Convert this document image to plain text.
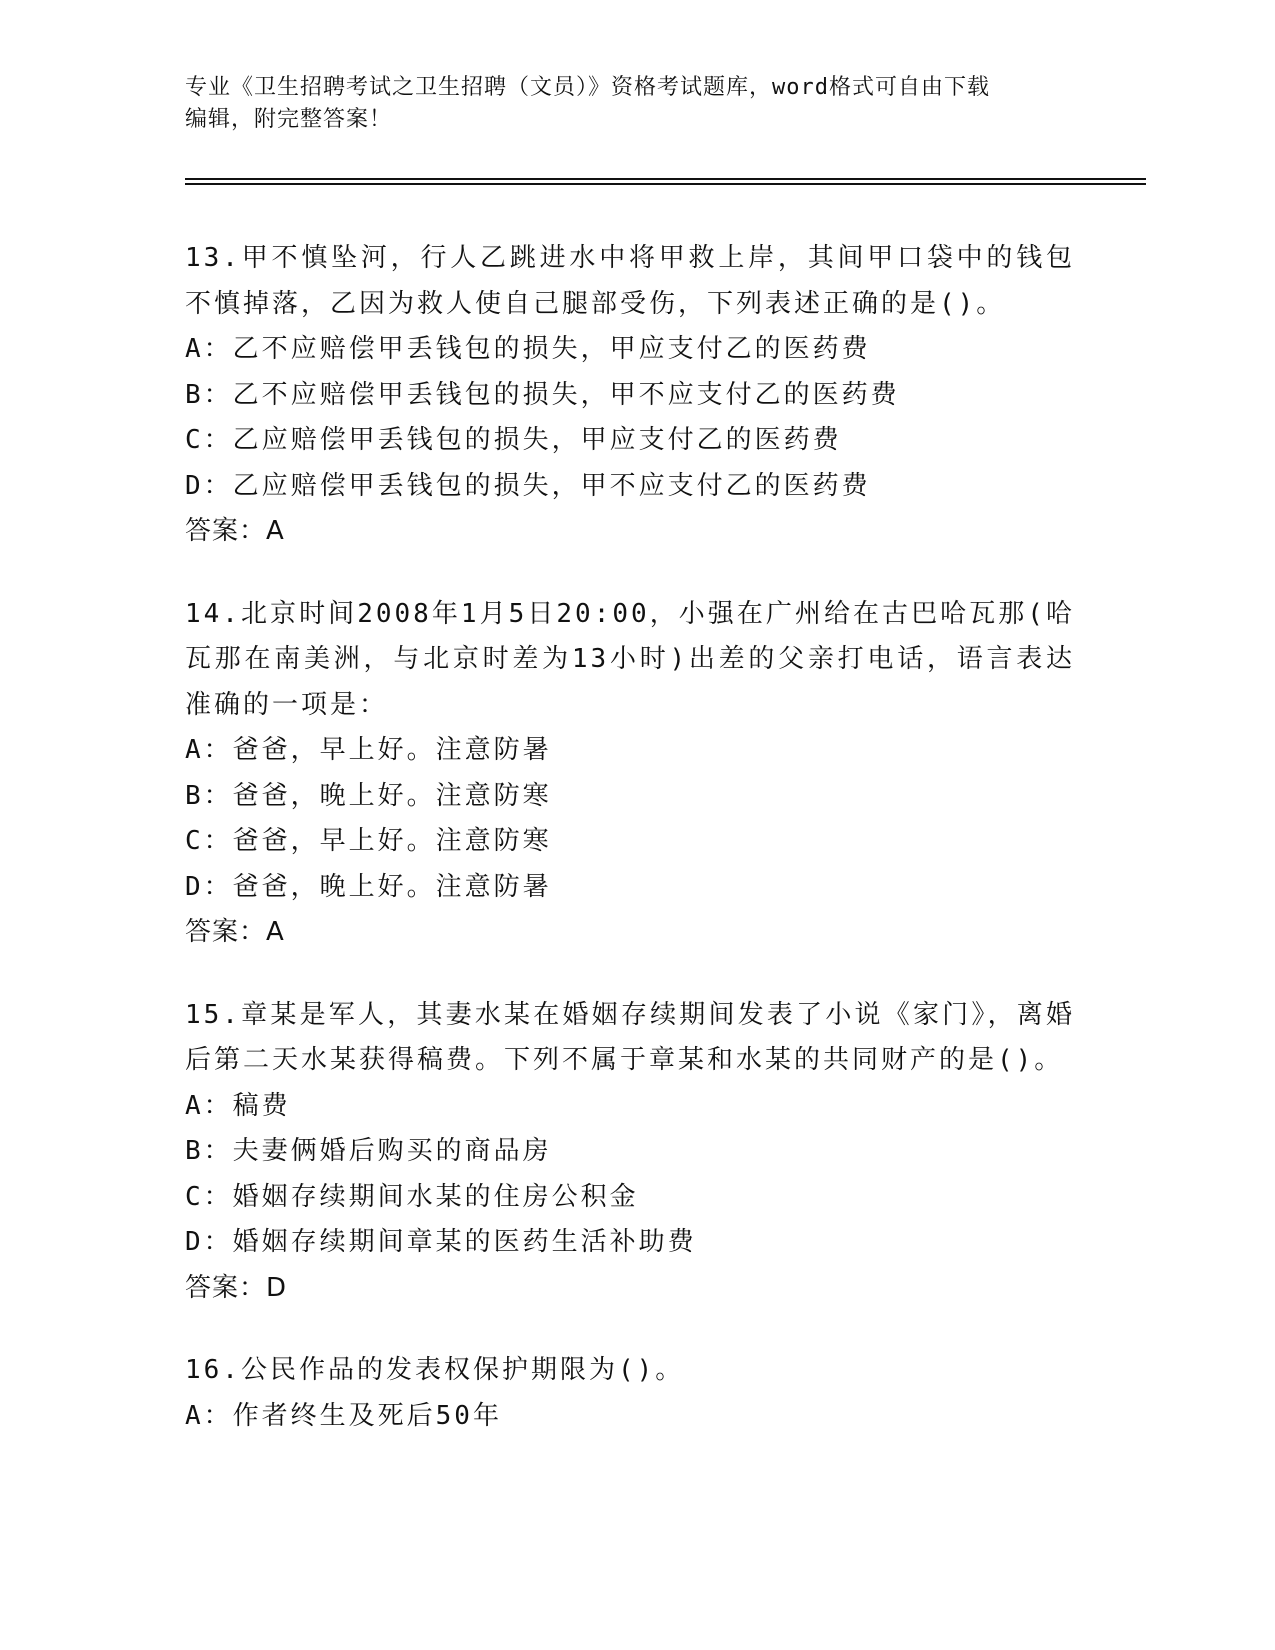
专业《卫生招聘考试之卫生招聘（文员）》资格考试题库，word格式可自由下载
编辑，附完整答案！
13.甲不慎坠河，行人乙跳进水中将甲救上岸，其间甲口袋中的钱包不慎掉落，乙因为救人使自己腿部受伤，下列表述正确的是()。
A：乙不应赔偿甲丢钱包的损失，甲应支付乙的医药费
B：乙不应赔偿甲丢钱包的损失，甲不应支付乙的医药费
C：乙应赔偿甲丢钱包的损失，甲应支付乙的医药费
D：乙应赔偿甲丢钱包的损失，甲不应支付乙的医药费
答案：A
14.北京时间2008年1月5日20:00，小强在广州给在古巴哈瓦那(哈瓦那在南美洲，与北京时差为13小时)出差的父亲打电话，语言表达准确的一项是：
A：爸爸，早上好。注意防暑
B：爸爸，晚上好。注意防寒
C：爸爸，早上好。注意防寒
D：爸爸，晚上好。注意防暑
答案：A
15.章某是军人，其妻水某在婚姻存续期间发表了小说《家门》，离婚后第二天水某获得稿费。下列不属于章某和水某的共同财产的是()。
A：稿费
B：夫妻俩婚后购买的商品房
C：婚姻存续期间水某的住房公积金
D：婚姻存续期间章某的医药生活补助费
答案：D
16.公民作品的发表权保护期限为()。
A：作者终生及死后50年
